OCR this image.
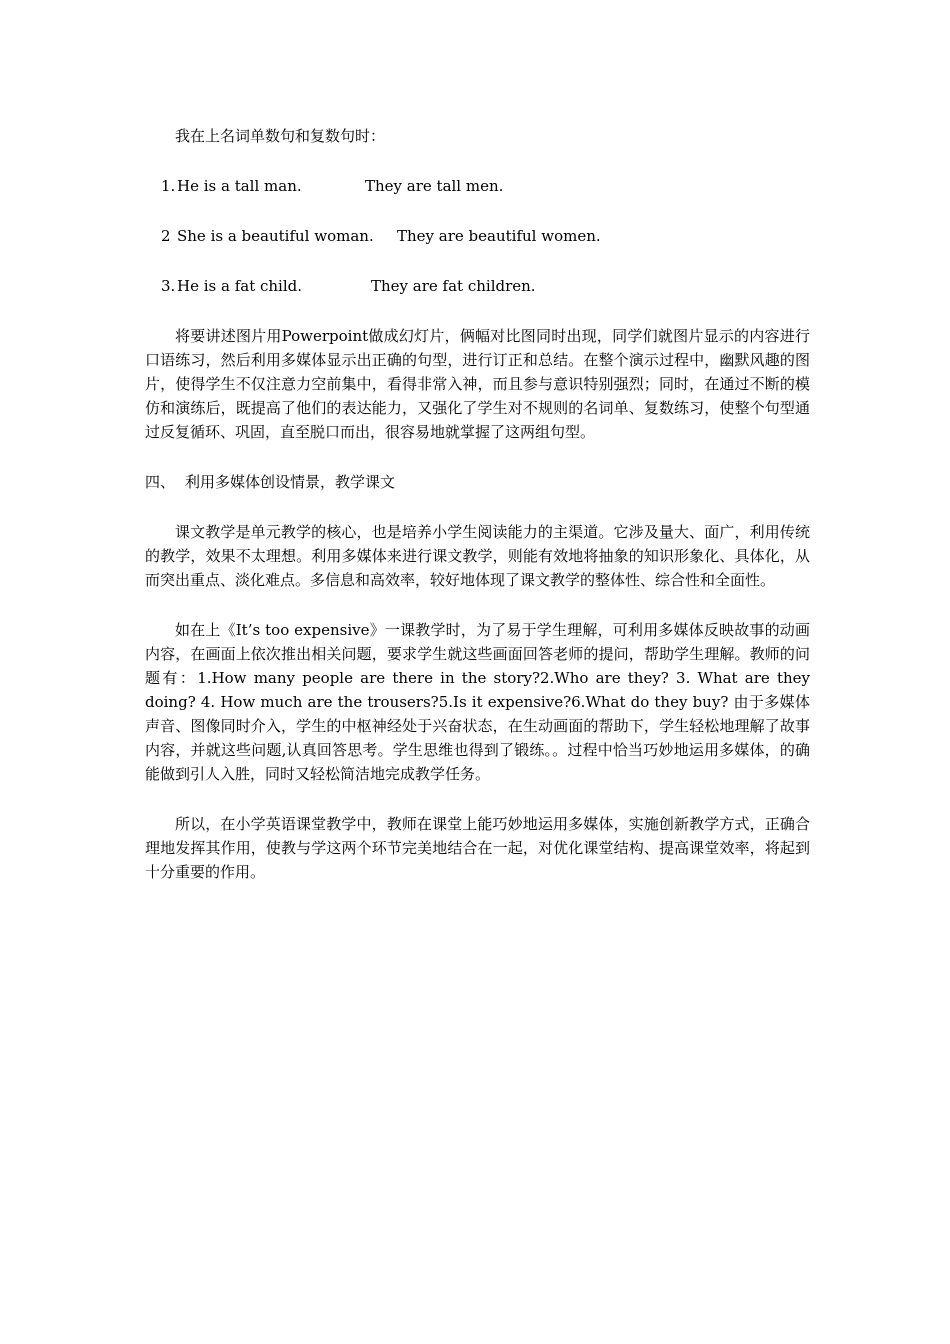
我在上名词单数句和复数句时：

1. He is a tall man.	They are tall men.
2 She is a beautiful woman.	They are beautiful women.
3. He is a fat child.	They are fat children.

将要讲述图片用Powerpoint做成幻灯片，俩幅对比图同时出现，同学们就图片显示的内容进行口语练习，然后利用多媒体显示出正确的句型，进行订正和总结。在整个演示过程中，幽默风趣的图片，使得学生不仅注意力空前集中，看得非常入神，而且参与意识特别强烈；同时，在通过不断的模仿和演练后，既提高了他们的表达能力，又强化了学生对不规则的名词单、复数练习，使整个句型通过反复循环、巩固，直至脱口而出，很容易地就掌握了这两组句型。

四、 利用多媒体创设情景，教学课文

课文教学是单元教学的核心，也是培养小学生阅读能力的主渠道。它涉及量大、面广，利用传统的教学，效果不太理想。利用多媒体来进行课文教学，则能有效地将抽象的知识形象化、具体化，从而突出重点、淡化难点。多信息和高效率，较好地体现了课文教学的整体性、综合性和全面性。

如在上《It’s too expensive》一课教学时，为了易于学生理解，可利用多媒体反映故事的动画内容，在画面上依次推出相关问题，要求学生就这些画面回答老师的提问，帮助学生理解。教师的问题有：1.How many people are there in the story?2.Who are they? 3. What are they doing? 4. How much are the trousers?5.Is it expensive?6.What do they buy? 由于多媒体声音、图像同时介入，学生的中枢神经处于兴奋状态，在生动画面的帮助下，学生轻松地理解了故事内容，并就这些问题,认真回答思考。学生思维也得到了锻练。。过程中恰当巧妙地运用多媒体，的确能做到引人入胜，同时又轻松简洁地完成教学任务。

所以，在小学英语课堂教学中，教师在课堂上能巧妙地运用多媒体，实施创新教学方式，正确合理地发挥其作用，使教与学这两个环节完美地结合在一起，对优化课堂结构、提高课堂效率，将起到十分重要的作用。
